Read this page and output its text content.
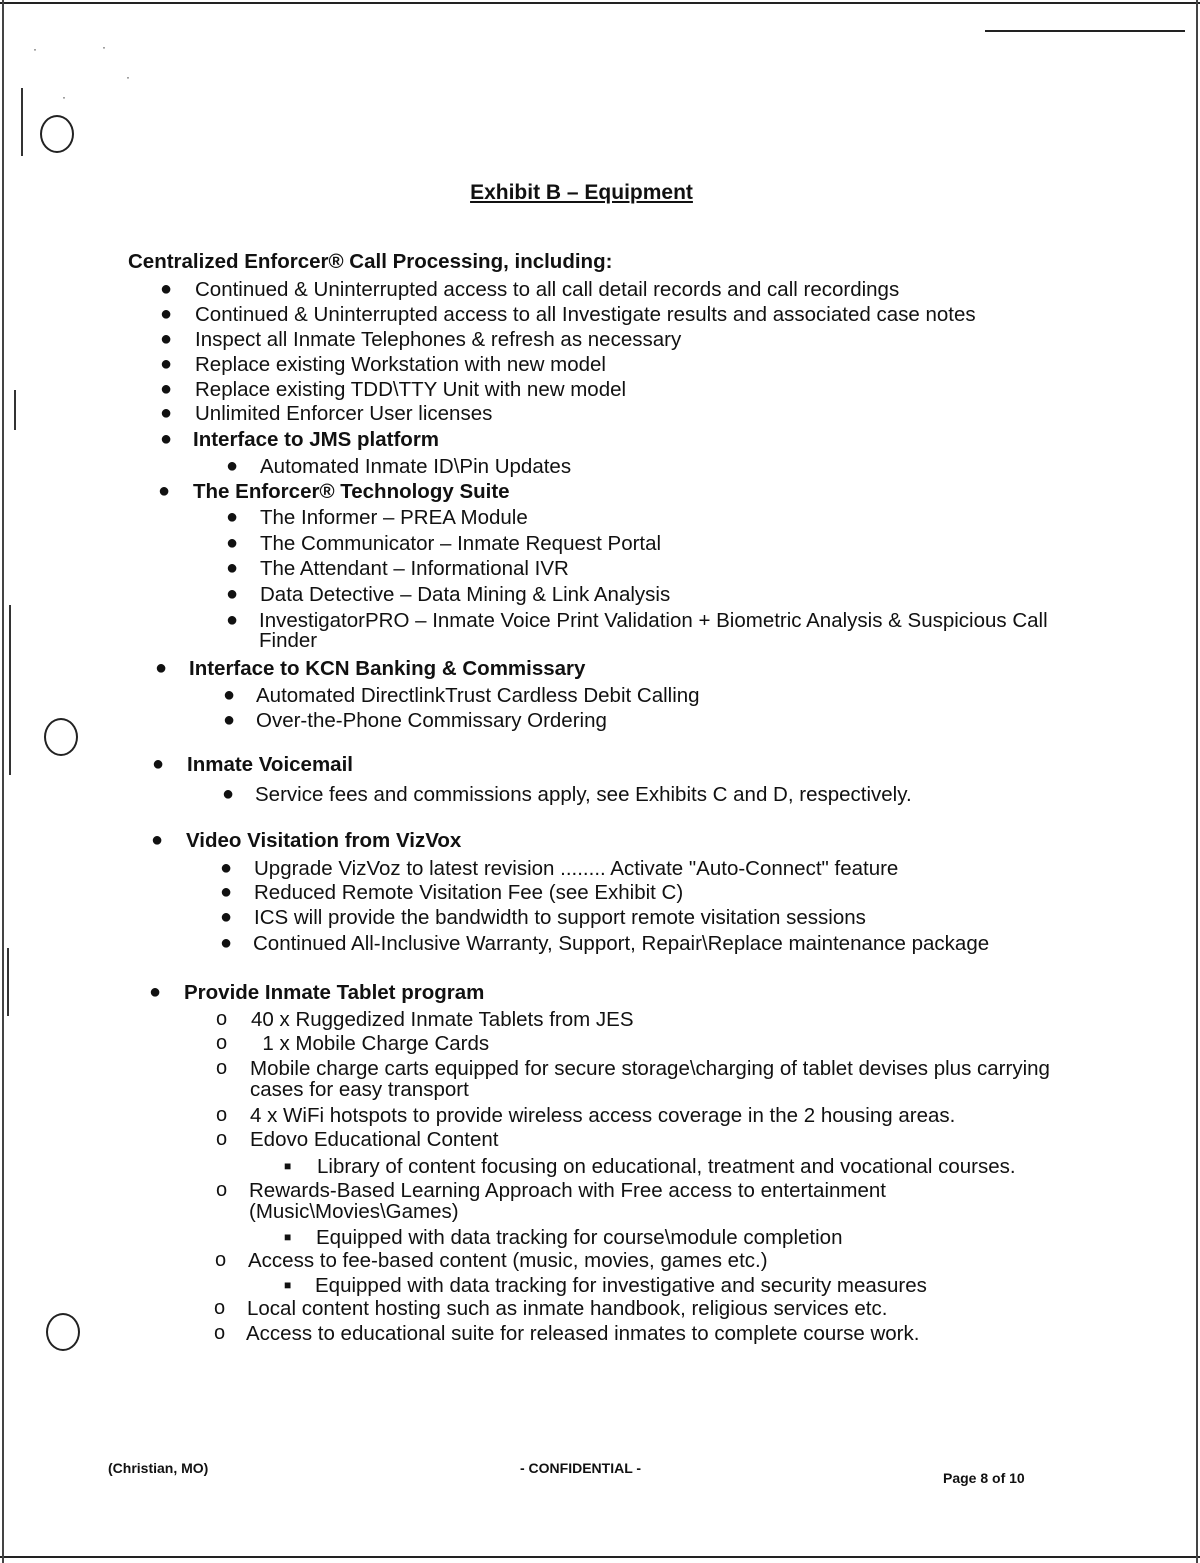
·	·
·
·
Exhibit B – Equipment
Centralized Enforcer® Call Processing, including:
● Continued & Uninterrupted access to all call detail records and call recordings
● Continued & Uninterrupted access to all Investigate results and associated case notes
● Inspect all Inmate Telephones & refresh as necessary
● Replace existing Workstation with new model
● Replace existing TDD\TTY Unit with new model
● Unlimited Enforcer User licenses
● Interface to JMS platform
● Automated Inmate ID\Pin Updates
● The Enforcer® Technology Suite
● The Informer – PREA Module
● The Communicator – Inmate Request Portal
● The Attendant – Informational IVR
● Data Detective – Data Mining & Link Analysis
● InvestigatorPRO – Inmate Voice Print Validation + Biometric Analysis & Suspicious Call
Finder
● Interface to KCN Banking & Commissary
● Automated DirectlinkTrust Cardless Debit Calling
● Over-the-Phone Commissary Ordering
● Inmate Voicemail
● Service fees and commissions apply, see Exhibits C and D, respectively.
● Video Visitation from VizVox
● Upgrade VizVoz to latest revision ........ Activate "Auto-Connect" feature
● Reduced Remote Visitation Fee (see Exhibit C)
● ICS will provide the bandwidth to support remote visitation sessions
● Continued All-Inclusive Warranty, Support, Repair\Replace maintenance package
● Provide Inmate Tablet program
o 40 x Ruggedized Inmate Tablets from JES
o 1 x Mobile Charge Cards
o Mobile charge carts equipped for secure storage\charging of tablet devises plus carrying
cases for easy transport
o 4 x WiFi hotspots to provide wireless access coverage in the 2 housing areas.
o Edovo Educational Content
■ Library of content focusing on educational, treatment and vocational courses.
o Rewards-Based Learning Approach with Free access to entertainment
(Music\Movies\Games)
■ Equipped with data tracking for course\module completion
o Access to fee-based content (music, movies, games etc.)
■ Equipped with data tracking for investigative and security measures
o Local content hosting such as inmate handbook, religious services etc.
o Access to educational suite for released inmates to complete course work.
(Christian, MO)	- CONFIDENTIAL -
Page 8 of 10
